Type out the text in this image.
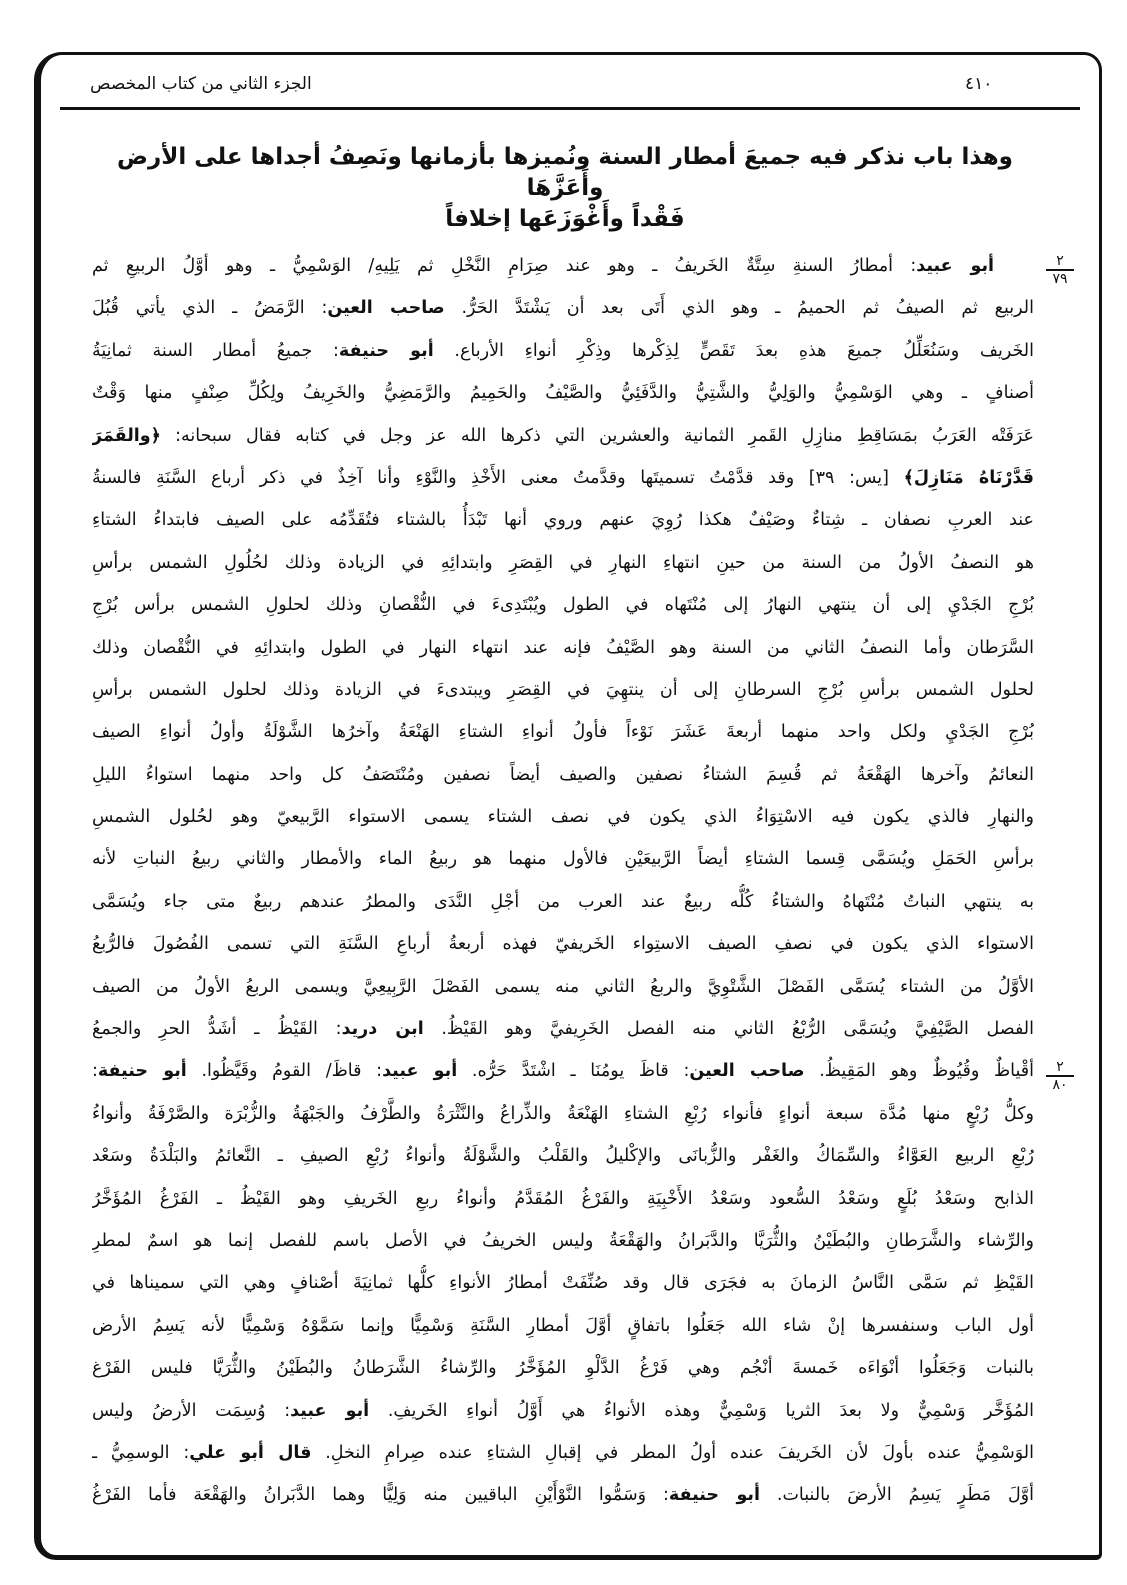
الجزء الثاني من كتاب المخصص	٤١٠
وهذا باب نذكر فيه جميعَ أمطار السنة ونُميزها بأزمانها ونَصِفُ أجداها على الأرض وأَعَزَّهَا
فَقْداً وأَغْوَزَعَها إخلافاً
٢
٧٩
٢
٨٠
أبو عبيد: أمطارُ السنةِ سِتَّةٌ الخَريفُ ـ وهو عند صِرَامِ النَّخْلِ ثم يَلِيهِ/ الوَسْمِيُّ ـ وهو أوَّلُ الربيعِ ثم
الربيع ثم الصيفُ ثم الحميمُ ـ وهو الذي أَتَى بعد أن يَشْتَدَّ الحَرُّ. صاحب العين: الرَّمَضُ ـ الذي يأتي قُبُلَ
الخَريف وسَنُعَلِّلُ جميعَ هذهِ بعدَ تَقَصٍّ لِذِكْرها وذِكْرِ أنواءِ الأرباع. أبو حنيفة: جميعُ أمطار السنة ثمانِيَةُ
أصنافٍ ـ وهي الوَسْمِيُّ والوَلِيُّ والشَّتِيُّ والدَّفَئِيُّ والصَّيْفُ والحَمِيمُ والرَّمَضِيُّ والخَرِيفُ ولِكُلِّ صِنْفٍ منها وَقْتٌ
عَرَفَتْه العَرَبُ بمَسَاقِطِ منازِلِ القَمرِ الثمانية والعشرين التي ذكرها الله عز وجل في كتابه فقال سبحانه: ﴿والقَمَرَ
قَدَّرْنَاهُ مَنَازِلَ﴾ [يس: ٣٩] وقد قدَّمْتُ تسميتَها وقدَّمتُ معنى الأَخْذِ والنَّوْءِ وأنا آخِذٌ في ذكر أرباع السَّنَةِ فالسنةُ
عند العربِ نصفان ـ شِتاءٌ وصَيْفٌ هكذا رُوِيَ عنهم وروي أنها تَبْدَأُ بالشتاء فتُقَدِّمُه على الصيف فابتداءُ الشتاءِ
هو النصفُ الأولُ من السنة من حينِ انتهاءِ النهارِ في القِصَرِ وابتدائِهِ في الزيادة وذلك لحُلُولِ الشمس برأسِ
بُرْجِ الجَدْيِ إلى أن ينتهي النهارُ إلى مُنْتَهاه في الطول ويُبْتَدِىءَ في النُّقْصانِ وذلك لحلولِ الشمس برأس بُرْجِ
السَّرَطان وأما النصفُ الثاني من السنة وهو الصَّيْفُ فإنه عند انتهاء النهار في الطول وابتدائِهِ في النُّقْصان وذلك
لحلول الشمس برأسِ بُرْجِ السرطانِ إلى أن ينتهِيَ في القِصَرِ ويبتدىءَ في الزيادة وذلك لحلول الشمس برأسِ
بُرْجِ الجَدْيِ ولكل واحد منهما أربعةَ عَشَرَ نَوْءاً فأولُ أنواءِ الشتاءِ الهَنْعَةُ وآخرُها الشَّوْلَةُ وأولُ أنواءِ الصيف
النعائمُ وآخرها الهَقْعَةُ ثم قُسِمَ الشتاءُ نصفين والصيف أيضاً نصفين ومُنْتَصَفُ كل واحد منهما استواءُ الليلِ
والنهارِ فالذي يكون فيه الاسْتِوَاءُ الذي يكون في نصف الشتاء يسمى الاستواء الرَّبيعيّ وهو لحُلول الشمسِ
برأسِ الحَمَلِ ويُسَمَّى قِسما الشتاءِ أيضاً الرَّبيعَيْنِ فالأول منهما هو ربيعُ الماء والأمطار والثاني ربيعُ النباتِ لأنه
به ينتهي النباتُ مُنْتَهاهُ والشتاءُ كُلُّه ربيعٌ عند العرب من أجْلِ النَّدَى والمطرُ عندهم ربيعٌ متى جاء ويُسَمَّى
الاستواء الذي يكون في نصفِ الصيف الاستِواء الخَريفيّ فهذه أربعةُ أرباعِ السَّنَةِ التي تسمى الفُصُولَ فالرُّبعُ
الأوَّلُ من الشتاء يُسَمَّى الفَصْلَ الشَّتْوِيَّ والربعُ الثاني منه يسمى الفَصْلَ الرَّبِيعِيَّ ويسمى الربعُ الأولُ من الصيف
الفصل الصَّيْفِيَّ ويُسَمَّى الرُّبْعُ الثاني منه الفصل الخَرِيفيَّ وهو القَيْظُ. ابن دريد: القَيْظُ ـ أشَدُّ الحرِ والجمعُ
أقْياظٌ وقُيُوظٌ وهو المَقِيظُ. صاحب العين: قاظَ يومُنَا ـ اشْتَدَّ حَرُّه. أبو عبيد: قاظَ/ القومُ وقَيَّظُوا. أبو حنيفة:
وكلُّ رُبْعٍ منها مُدَّة سبعة أنواءٍ فأنواء رُبْعِ الشتاءِ الهَنْعَةُ والذِّراعُ والنَّثْرَةُ والطَّرْفُ والجَبْهَةُ والزُّبْرَة والصَّرْفَةُ وأنواءُ
رُبْعِ الربيع العَوَّاءُ والسِّمَاكُ والغَفْر والزُّبانَى والإكْليلُ والقَلْبُ والشَّوْلَةُ وأنواءُ رُبْعِ الصيفِ ـ النَّعائمُ والبَلْدَةُ وسَعْد
الذابح وسَعْدُ بُلَعٍ وسَعْدُ السُّعود وسَعْدُ الأَخْبِيَةِ والفَرْغُ المُقَدَّمُ وأنواءُ ربعِ الخَريفِ وهو القَيْظُ ـ الفَرْغُ المُؤَخَّرُ
والرِّشاء والشَّرَطانِ والبُطَيْنُ والثُّرَيَّا والدَّبَرانُ والهَقْعَةُ وليس الخريفُ في الأصل باسم للفصل إنما هو اسمٌ لمطرِ
القَيْظِ ثم سَمَّى النَّاسُ الزمانَ به فجَرَى قال وقد صُنِّفَتْ أمطارُ الأنواءِ كلُّها ثمانِيَةَ أصْنافٍ وهي التي سميناها في
أول الباب وسنفسرها إنْ شاء الله جَعَلُوا باتفاقٍ أوَّلَ أمطارِ السَّنَةِ وَسْمِيًّا وإنما سَمَّوْهُ وَسْمِيًّا لأنه يَسِمُ الأرض
بالنبات وَجَعَلُوا أنْوَاءَه خَمسةَ أنْجُم وهي فَرْغُ الدَّلْوِ المُؤَخَّرُ والرِّشاءُ الشَّرَطانُ والبُطَيْنُ والثُّرَيَّا فليس الفَرْغ
المُؤَخَّر وَسْمِيٌّ ولا بعدَ الثريا وَسْمِيٌّ وهذه الأنواءُ هي أَوَّلُ أنواءِ الخَريفِ. أبو عبيد: وُسِمَت الأرضُ وليس
الوَسْمِيُّ عنده بأولَ لأن الخَريفَ عنده أولُ المطر في إقبالِ الشتاءِ عنده صِرامِ النخلِ. قال أبو علي: الوسمِيُّ ـ
أوَّلَ مَطَرٍ يَسِمُ الأرضَ بالنبات. أبو حنيفة: وَسَمُّوا النَّوْأَيْنِ الباقيين منه وَلِيًّا وهما الدَّبَرانُ والهَقْعَة فأما الفَرْغُ
